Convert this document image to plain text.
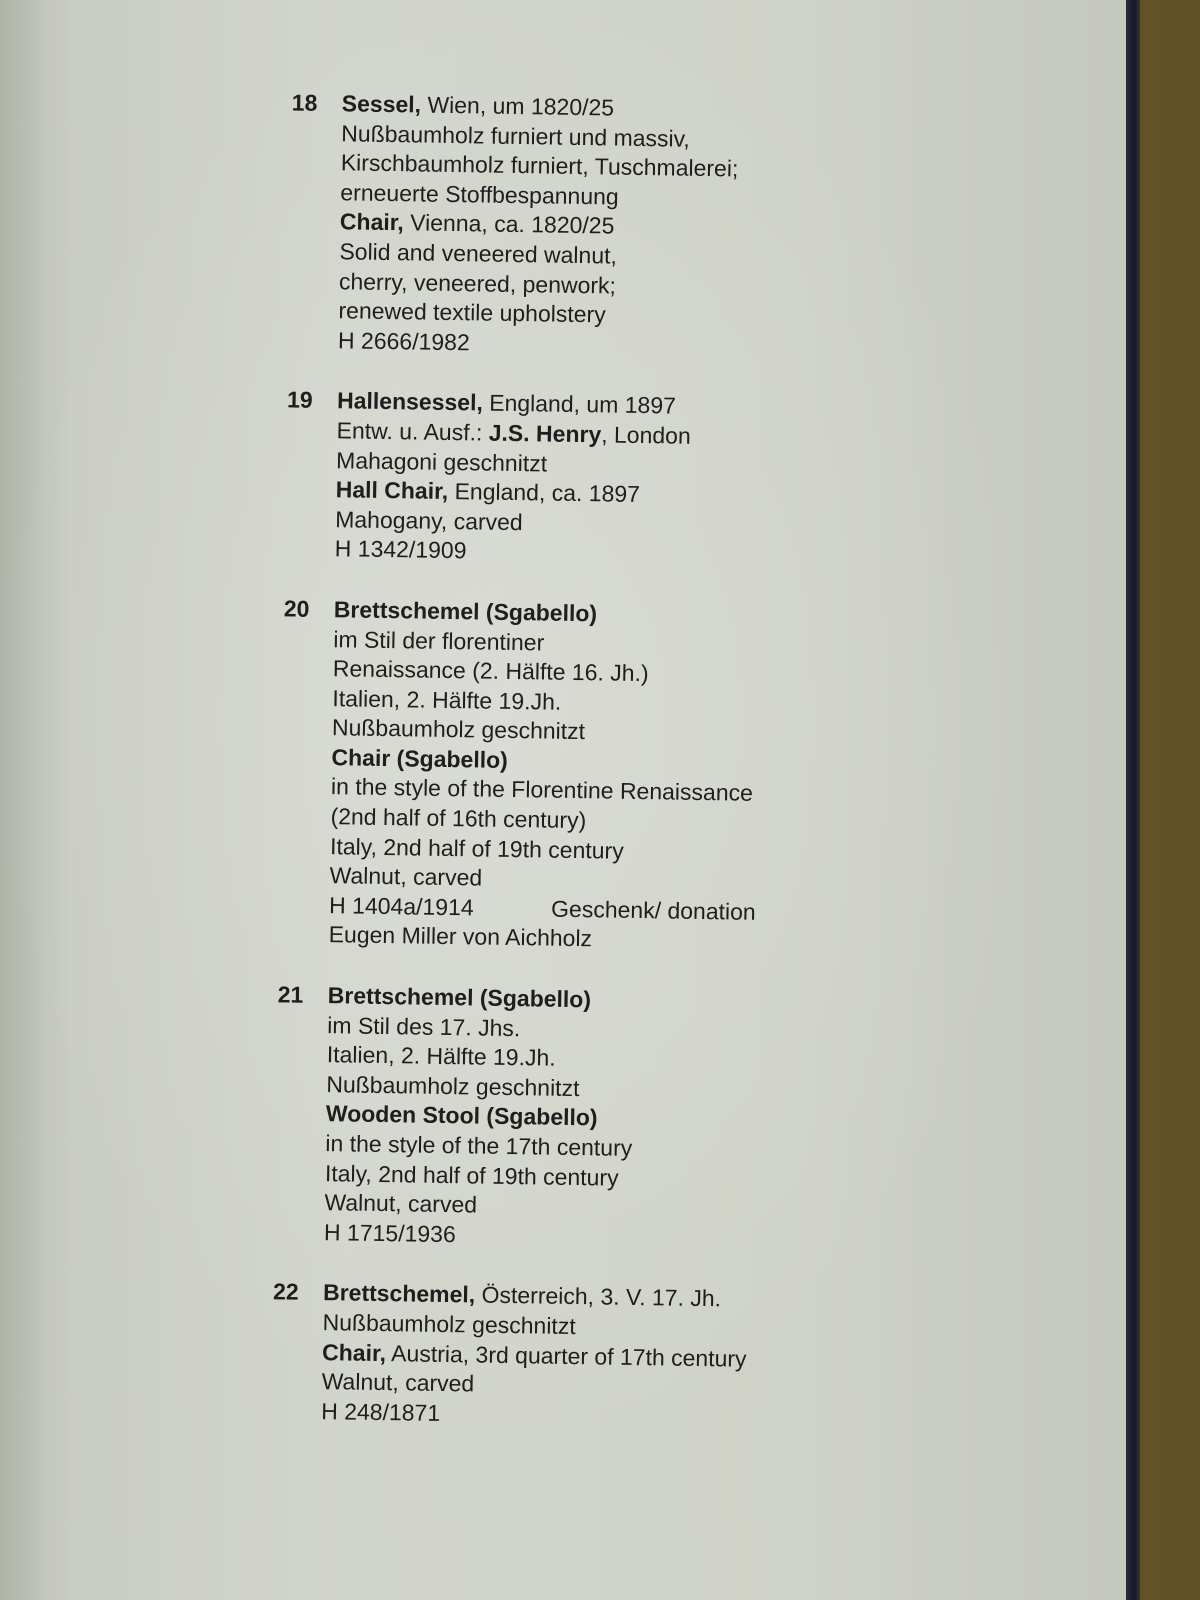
18	Sessel, Wien, um 1820/25
Nußbaumholz furniert und massiv,
Kirschbaumholz furniert, Tuschmalerei;
erneuerte Stoffbespannung
Chair, Vienna, ca. 1820/25
Solid and veneered walnut,
cherry, veneered, penwork;
renewed textile upholstery
H 2666/1982
19	Hallensessel, England, um 1897
Entw. u. Ausf.: J.S. Henry, London
Mahagoni geschnitzt
Hall Chair, England, ca. 1897
Mahogany, carved
H 1342/1909
20	Brettschemel (Sgabello)
im Stil der florentiner
Renaissance (2. Hälfte 16. Jh.)
Italien, 2. Hälfte 19.Jh.
Nußbaumholz geschnitzt
Chair (Sgabello)
in the style of the Florentine Renaissance
(2nd half of 16th century)
Italy, 2nd half of 19th century
Walnut, carved
H 1404a/1914	Geschenk/ donation
Eugen Miller von Aichholz
21	Brettschemel (Sgabello)
im Stil des 17. Jhs.
Italien, 2. Hälfte 19.Jh.
Nußbaumholz geschnitzt
Wooden Stool (Sgabello)
in the style of the 17th century
Italy, 2nd half of 19th century
Walnut, carved
H 1715/1936
22	Brettschemel, Österreich, 3. V. 17. Jh.
Nußbaumholz geschnitzt
Chair, Austria, 3rd quarter of 17th century
Walnut, carved
H 248/1871
